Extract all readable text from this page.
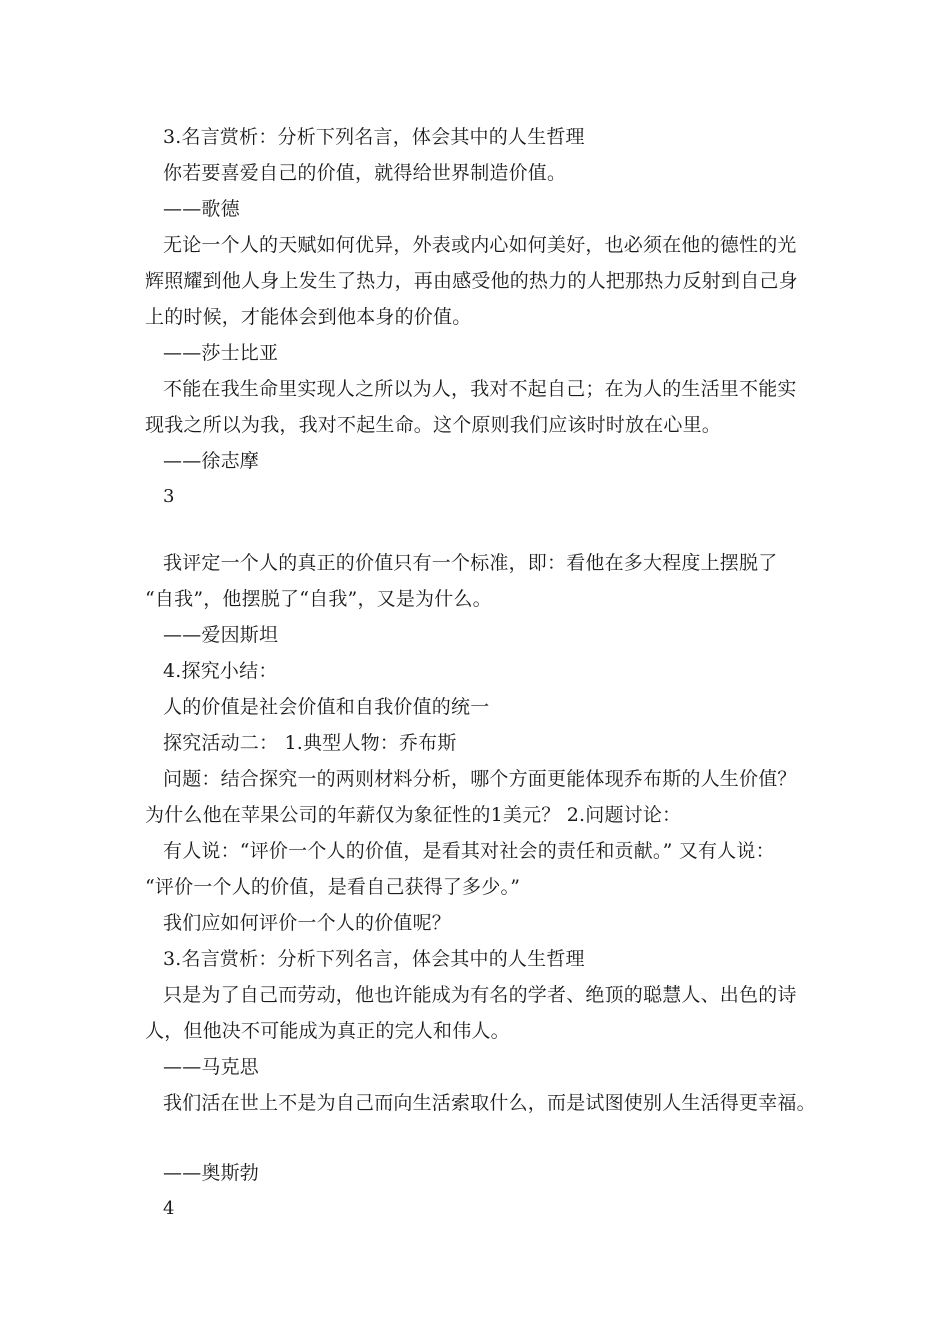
3.名言赏析：分析下列名言，体会其中的人生哲理
你若要喜爱自己的价值，就得给世界制造价值。
——歌德
无论一个人的天赋如何优异，外表或内心如何美好，也必须在他的德性的光
辉照耀到他人身上发生了热力，再由感受他的热力的人把那热力反射到自己身
上的时候，才能体会到他本身的价值。
——莎士比亚
不能在我生命里实现人之所以为人，我对不起自己；在为人的生活里不能实
现我之所以为我，我对不起生命。这个原则我们应该时时放在心里。
——徐志摩
3
我评定一个人的真正的价值只有一个标准，即：看他在多大程度上摆脱了
“自我”，他摆脱了“自我”，又是为什么。
——爱因斯坦
4.探究小结：
人的价值是社会价值和自我价值的统一
探究活动二： 1.典型人物：乔布斯
问题：结合探究一的两则材料分析，哪个方面更能体现乔布斯的人生价值？
为什么他在苹果公司的年薪仅为象征性的1美元？ 2.问题讨论：
有人说：“评价一个人的价值，是看其对社会的责任和贡献。” 又有人说：
“评价一个人的价值，是看自己获得了多少。”
我们应如何评价一个人的价值呢？
3.名言赏析：分析下列名言，体会其中的人生哲理
只是为了自己而劳动，他也许能成为有名的学者、绝顶的聪慧人、出色的诗
人，但他决不可能成为真正的完人和伟人。
——马克思
我们活在世上不是为自己而向生活索取什么，而是试图使别人生活得更幸福。
——奥斯勃
4
